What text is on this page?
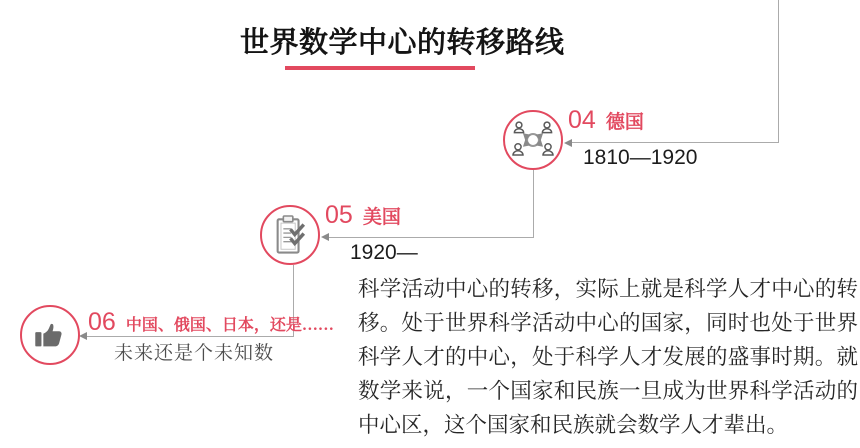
世界数学中心的转移路线
04 德国
1810—1920
05 美国
1920—
06 中国、俄国、日本，还是……
未来还是个未知数
科学活动中心的转移，实际上就是科学人才中心的转移。处于世界科学活动中心的国家，同时也处于世界科学人才的中心，处于科学人才发展的盛事时期。就数学来说，一个国家和民族一旦成为世界科学活动的中心区，这个国家和民族就会数学人才辈出。
